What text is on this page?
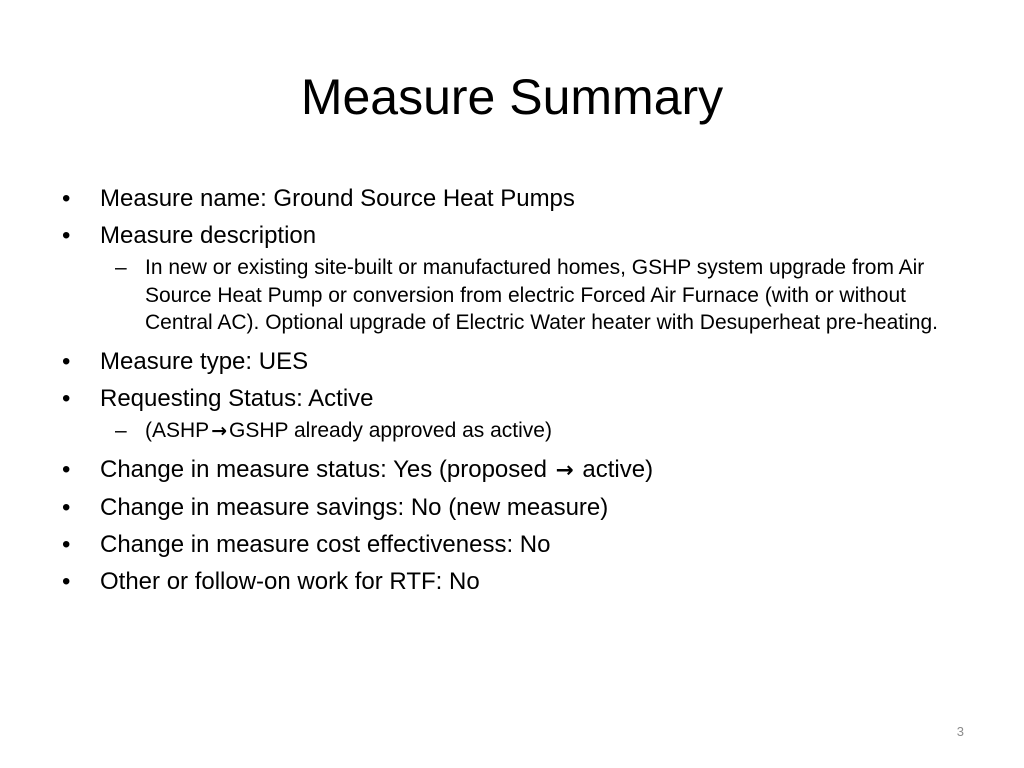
Measure Summary
•	Measure name: Ground Source Heat Pumps
•	Measure description
– In new or existing site-built or manufactured homes, GSHP system upgrade from Air Source Heat Pump or conversion from electric Forced Air Furnace (with or without Central AC). Optional upgrade of Electric Water heater with Desuperheat pre-heating.
•	Measure type: UES
•	Requesting Status: Active
– (ASHP →GSHP already approved as active)
•	Change in measure status: Yes (proposed → active)
•	Change in measure savings: No (new measure)
•	Change in measure cost effectiveness: No
•	Other or follow-on work for RTF: No
3
